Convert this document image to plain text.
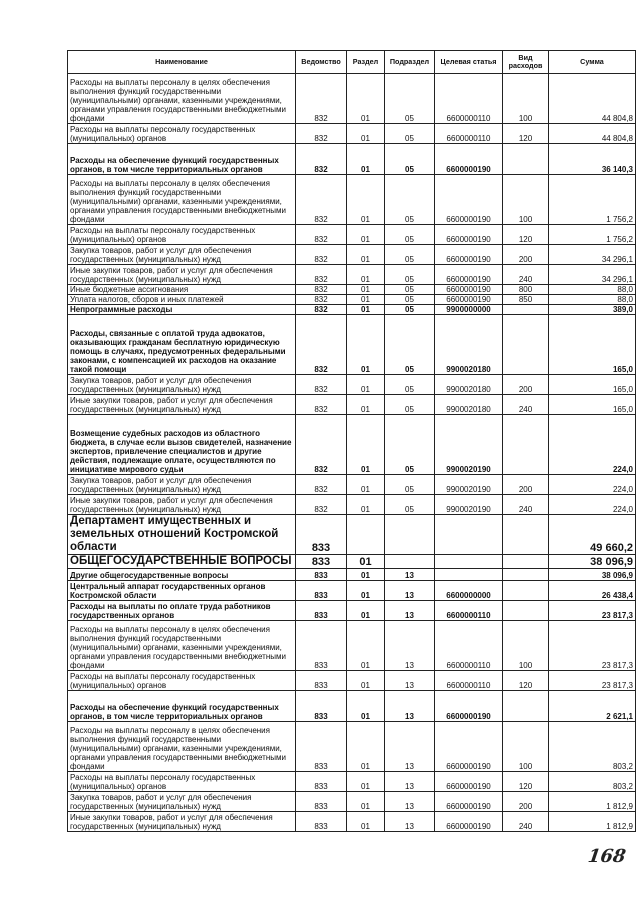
Наименование	Ведомство	Раздел	Подраздел	Целевая статья	Вид расходов	Сумма
Расходы на выплаты персоналу в целях обеспечения выполнения функций государственными (муниципальными) органами, казенными учреждениями, органами управления государственными внебюджетными фондами	832	01	05	6600000110	100	44 804,8
Расходы на выплаты персоналу государственных (муниципальных) органов	832	01	05	6600000110	120	44 804,8
Расходы на обеспечение функций государственных органов, в том числе территориальных органов	832	01	05	6600000190		36 140,3
Расходы на выплаты персоналу в целях обеспечения выполнения функций государственными (муниципальными) органами, казенными учреждениями, органами управления государственными внебюджетными фондами	832	01	05	6600000190	100	1 756,2
Расходы на выплаты персоналу государственных (муниципальных) органов	832	01	05	6600000190	120	1 756,2
Закупка товаров, работ и услуг для обеспечения государственных (муниципальных) нужд	832	01	05	6600000190	200	34 296,1
Иные закупки товаров, работ и услуг для обеспечения государственных (муниципальных) нужд	832	01	05	6600000190	240	34 296,1
Иные бюджетные ассигнования	832	01	05	6600000190	800	88,0
Уплата налогов, сборов и иных платежей	832	01	05	6600000190	850	88,0
Непрограммные расходы	832	01	05	9900000000		389,0
Расходы, связанные с оплатой труда адвокатов, оказывающих гражданам бесплатную юридическую помощь в случаях, предусмотренных федеральными законами, с компенсацией их расходов на оказание такой помощи	832	01	05	9900020180		165,0
Закупка товаров, работ и услуг для обеспечения государственных (муниципальных) нужд	832	01	05	9900020180	200	165,0
Иные закупки товаров, работ и услуг для обеспечения государственных (муниципальных) нужд	832	01	05	9900020180	240	165,0
Возмещение судебных расходов из областного бюджета, в случае если вызов свидетелей, назначение экспертов, привлечение специалистов и другие действия, подлежащие оплате, осуществляются по инициативе мирового судьи	832	01	05	9900020190		224,0
Закупка товаров, работ и услуг для обеспечения государственных (муниципальных) нужд	832	01	05	9900020190	200	224,0
Иные закупки товаров, работ и услуг для обеспечения государственных (муниципальных) нужд	832	01	05	9900020190	240	224,0
Департамент имущественных и земельных отношений Костромской области	833					49 660,2
ОБЩЕГОСУДАРСТВЕННЫЕ ВОПРОСЫ	833	01				38 096,9
Другие общегосударственные вопросы	833	01	13			38 096,9
Центральный аппарат государственных органов Костромской области	833	01	13	6600000000		26 438,4
Расходы на выплаты по оплате труда работников государственных органов	833	01	13	6600000110		23 817,3
Расходы на выплаты персоналу в целях обеспечения выполнения функций государственными (муниципальными) органами, казенными учреждениями, органами управления государственными внебюджетными фондами	833	01	13	6600000110	100	23 817,3
Расходы на выплаты персоналу государственных (муниципальных) органов	833	01	13	6600000110	120	23 817,3
Расходы на обеспечение функций государственных органов, в том числе территориальных органов	833	01	13	6600000190		2 621,1
Расходы на выплаты персоналу в целях обеспечения выполнения функций государственными (муниципальными) органами, казенными учреждениями, органами управления государственными внебюджетными фондами	833	01	13	6600000190	100	803,2
Расходы на выплаты персоналу государственных (муниципальных) органов	833	01	13	6600000190	120	803,2
Закупка товаров, работ и услуг для обеспечения государственных (муниципальных) нужд	833	01	13	6600000190	200	1 812,9
Иные закупки товаров, работ и услуг для обеспечения государственных (муниципальных) нужд	833	01	13	6600000190	240	1 812,9
168
